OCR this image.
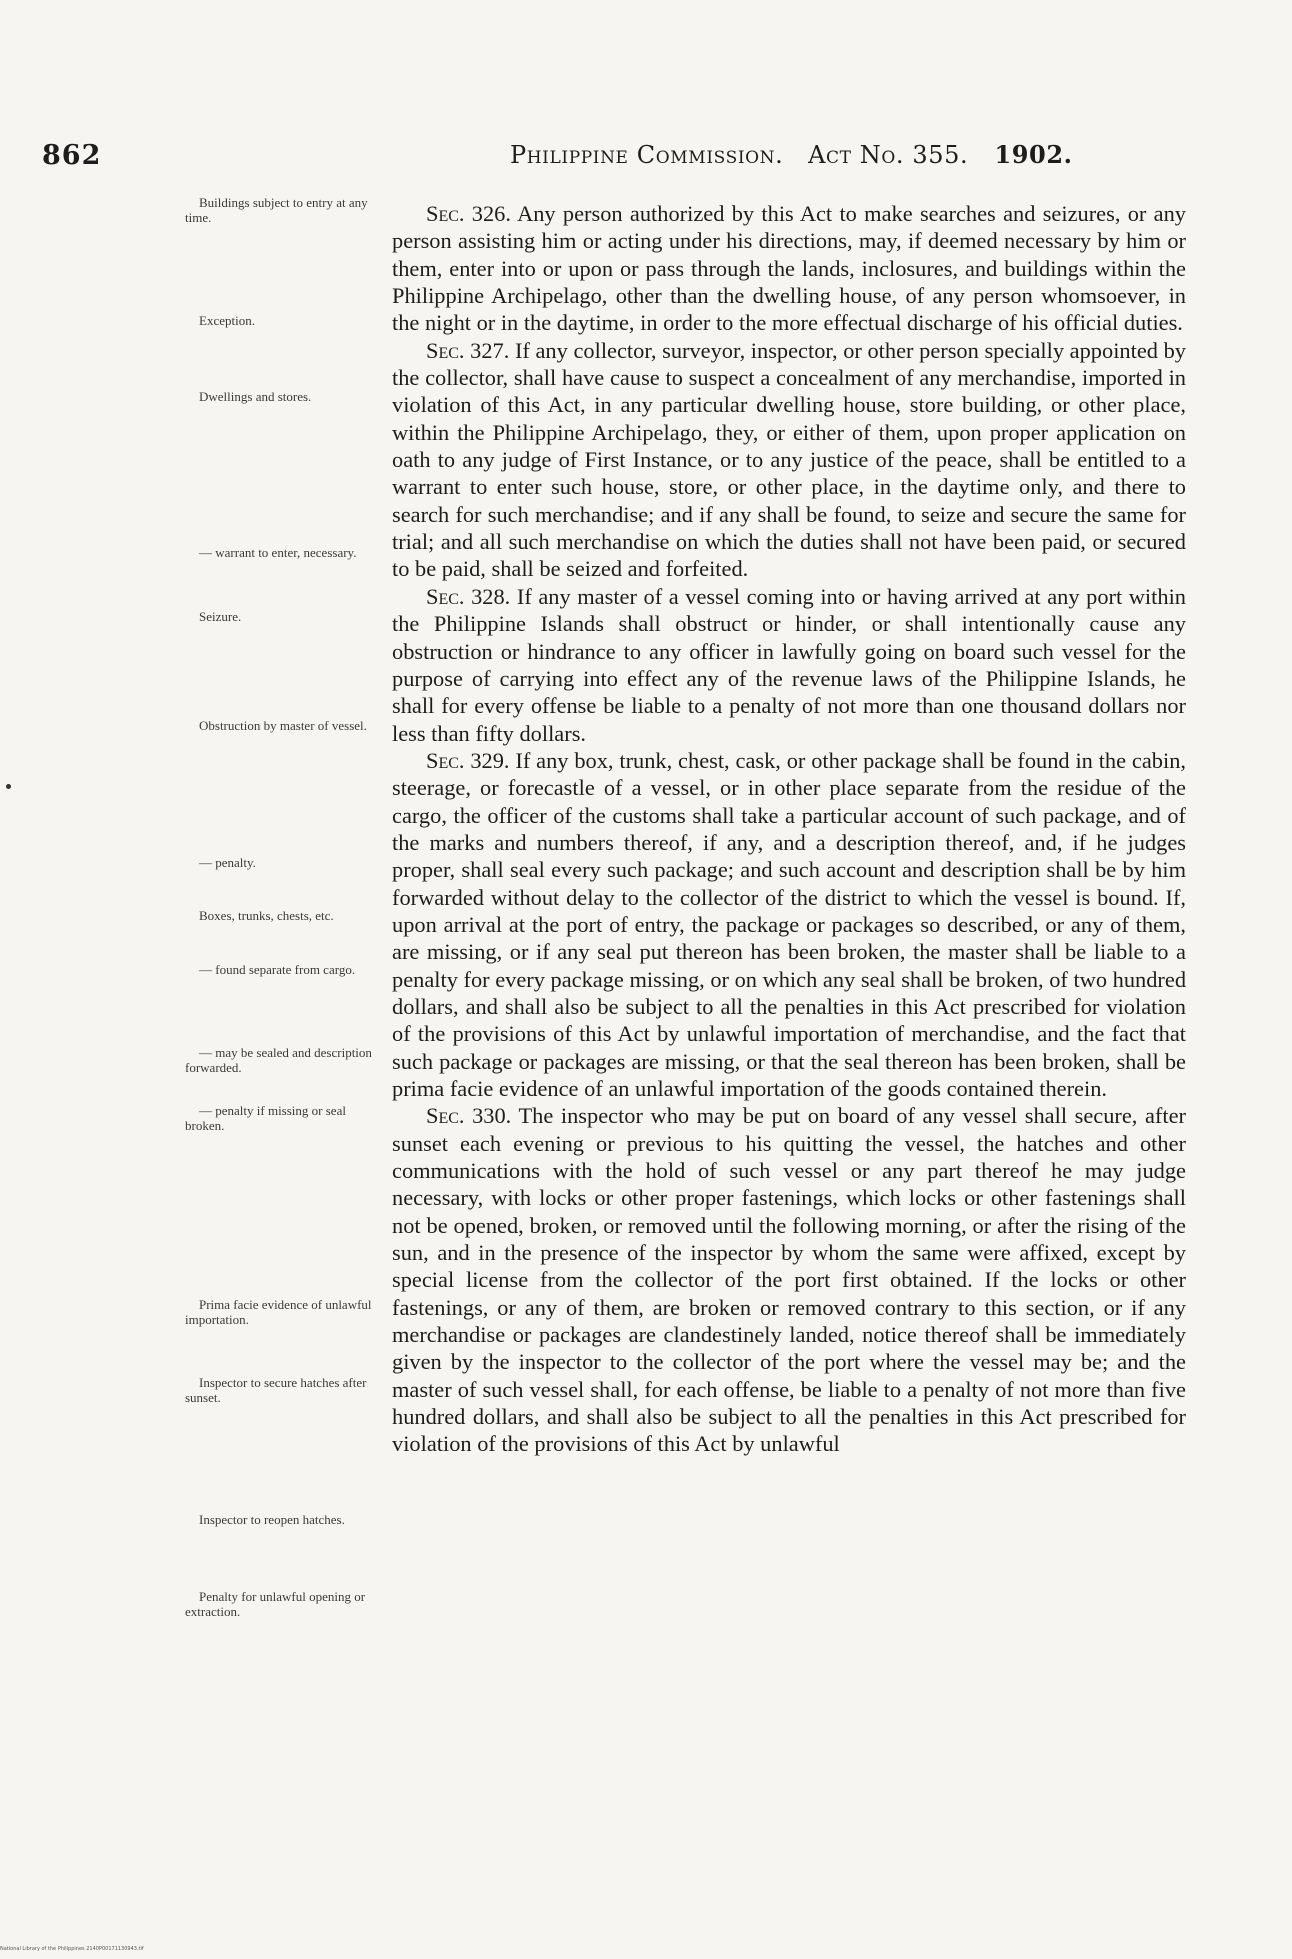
862	Philippine Commission. Act No. 355. 1902.
Buildings subject to entry at any time.
Exception.
Dwellings and stores.
— warrant to enter, necessary.
Seizure.
Obstruction by master of vessel.
— penalty.
Boxes, trunks, chests, etc.
— found separate from cargo.
— may be sealed and description forwarded.
— penalty if missing or seal broken.
Prima facie evidence of unlawful importation.
Inspector to secure hatches after sunset.
Inspector to reopen hatches.
Penalty for unlawful opening or extraction.

Sec. 326. Any person authorized by this Act to make searches and seizures, or any person assisting him or acting under his directions, may, if deemed necessary by him or them, enter into or upon or pass through the lands, inclosures, and buildings within the Philippine Archipelago, other than the dwelling house, of any person whomsoever, in the night or in the daytime, in order to the more effectual discharge of his official duties.

Sec. 327. If any collector, surveyor, inspector, or other person specially appointed by the collector, shall have cause to suspect a concealment of any merchandise, imported in violation of this Act, in any particular dwelling house, store building, or other place, within the Philippine Archipelago, they, or either of them, upon proper application on oath to any judge of First Instance, or to any justice of the peace, shall be entitled to a warrant to enter such house, store, or other place, in the daytime only, and there to search for such merchandise; and if any shall be found, to seize and secure the same for trial; and all such merchandise on which the duties shall not have been paid, or secured to be paid, shall be seized and forfeited.

Sec. 328. If any master of a vessel coming into or having arrived at any port within the Philippine Islands shall obstruct or hinder, or shall intentionally cause any obstruction or hindrance to any officer in lawfully going on board such vessel for the purpose of carrying into effect any of the revenue laws of the Philippine Islands, he shall for every offense be liable to a penalty of not more than one thousand dollars nor less than fifty dollars.

Sec. 329. If any box, trunk, chest, cask, or other package shall be found in the cabin, steerage, or forecastle of a vessel, or in other place separate from the residue of the cargo, the officer of the customs shall take a particular account of such package, and of the marks and numbers thereof, if any, and a description thereof, and, if he judges proper, shall seal every such package; and such account and description shall be by him forwarded without delay to the collector of the district to which the vessel is bound. If, upon arrival at the port of entry, the package or packages so described, or any of them, are missing, or if any seal put thereon has been broken, the master shall be liable to a penalty for every package missing, or on which any seal shall be broken, of two hundred dollars, and shall also be subject to all the penalties in this Act prescribed for violation of the provisions of this Act by unlawful importation of merchandise, and the fact that such package or packages are missing, or that the seal thereon has been broken, shall be prima facie evidence of an unlawful importation of the goods contained therein.

Sec. 330. The inspector who may be put on board of any vessel shall secure, after sunset each evening or previous to his quitting the vessel, the hatches and other communications with the hold of such vessel or any part thereof he may judge necessary, with locks or other proper fastenings, which locks or other fastenings shall not be opened, broken, or removed until the following morning, or after the rising of the sun, and in the presence of the inspector by whom the same were affixed, except by special license from the collector of the port first obtained. If the locks or other fastenings, or any of them, are broken or removed contrary to this section, or if any merchandise or packages are clandestinely landed, notice thereof shall be immediately given by the inspector to the collector of the port where the vessel may be; and the master of such vessel shall, for each offense, be liable to a penalty of not more than five hundred dollars, and shall also be subject to all the penalties in this Act prescribed for violation of the provisions of this Act by unlawful

National Library of the Philippines 2140P00171130943.tif
